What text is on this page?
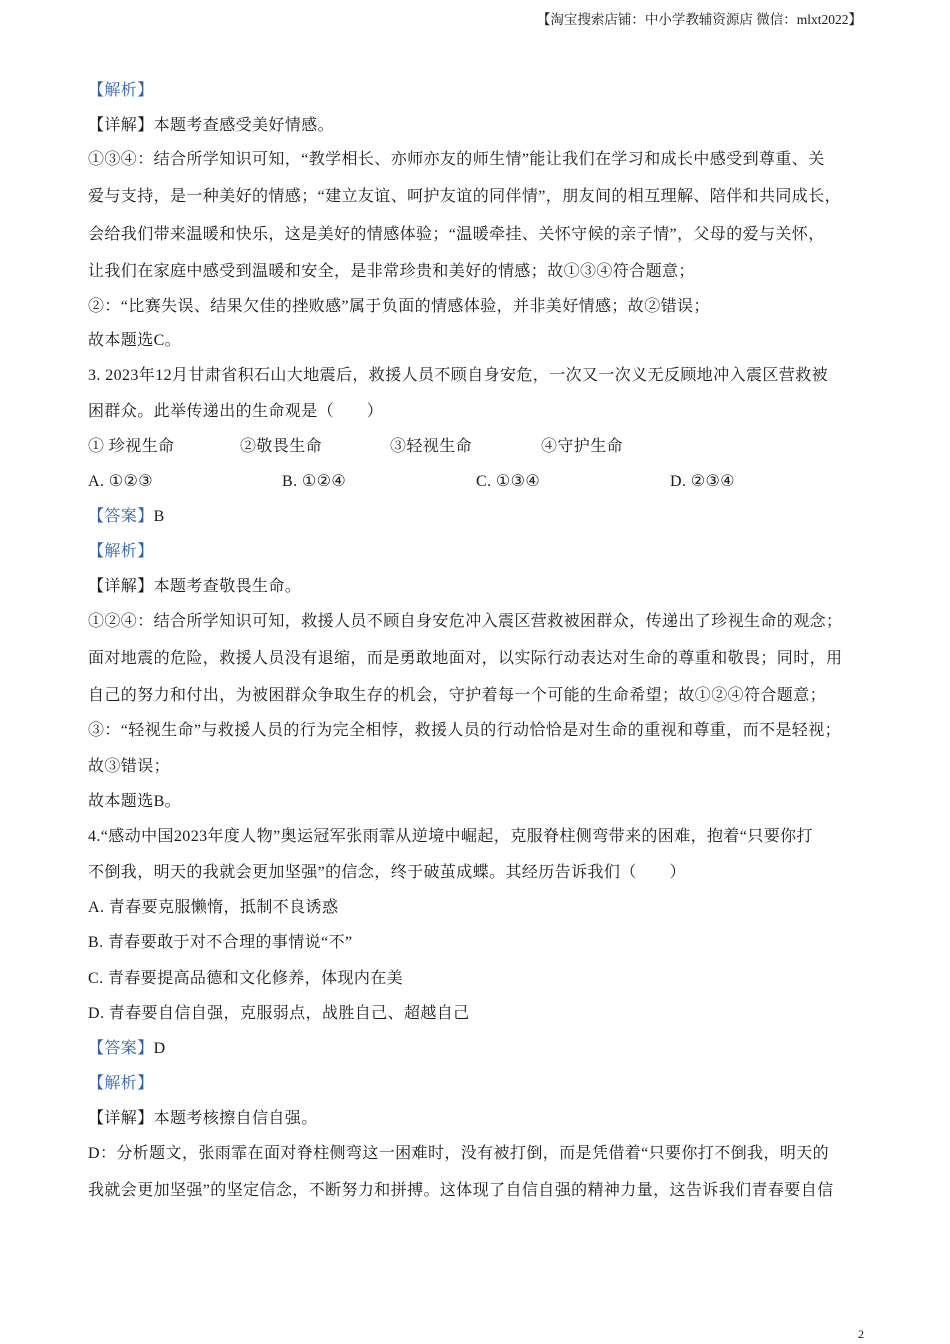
【淘宝搜索店铺：中小学教辅资源店 微信：mlxt2022】
【解析】
【详解】本题考查感受美好情感。
①③④：结合所学知识可知，“教学相长、亦师亦友的师生情”能让我们在学习和成长中感受到尊重、关
爱与支持，是一种美好的情感；“建立友谊、呵护友谊的同伴情”，朋友间的相互理解、陪伴和共同成长，
会给我们带来温暖和快乐，这是美好的情感体验；“温暖牵挂、关怀守候的亲子情”，父母的爱与关怀，
让我们在家庭中感受到温暖和安全，是非常珍贵和美好的情感；故①③④符合题意；
②：“比赛失误、结果欠佳的挫败感”属于负面的情感体验，并非美好情感；故②错误；
故本题选C。
3. 2023年12月甘肃省积石山大地震后，救援人员不顾自身安危，一次又一次义无反顾地冲入震区营救被
困群众。此举传递出的生命观是（　　）
① 珍视生命	②敬畏生命	③轻视生命	④守护生命
A. ①②③	B. ①②④	C. ①③④	D. ②③④
【答案】B
【解析】
【详解】本题考查敬畏生命。
①②④：结合所学知识可知，救援人员不顾自身安危冲入震区营救被困群众，传递出了珍视生命的观念；
面对地震的危险，救援人员没有退缩，而是勇敢地面对，以实际行动表达对生命的尊重和敬畏；同时，用
自己的努力和付出，为被困群众争取生存的机会，守护着每一个可能的生命希望；故①②④符合题意；
③：“轻视生命”与救援人员的行为完全相悖，救援人员的行动恰恰是对生命的重视和尊重，而不是轻视；
故③错误；
故本题选B。
4.“感动中国2023年度人物”奥运冠军张雨霏从逆境中崛起，克服脊柱侧弯带来的困难，抱着“只要你打
不倒我，明天的我就会更加坚强”的信念，终于破茧成蝶。其经历告诉我们（　　）
A. 青春要克服懒惰，抵制不良诱惑
B. 青春要敢于对不合理的事情说“不”
C. 青春要提高品德和文化修养，体现内在美
D. 青春要自信自强，克服弱点，战胜自己、超越自己
【答案】D
【解析】
【详解】本题考核擦自信自强。
D：分析题文，张雨霏在面对脊柱侧弯这一困难时，没有被打倒，而是凭借着“只要你打不倒我，明天的
我就会更加坚强”的坚定信念，不断努力和拼搏。这体现了自信自强的精神力量，这告诉我们青春要自信
2
